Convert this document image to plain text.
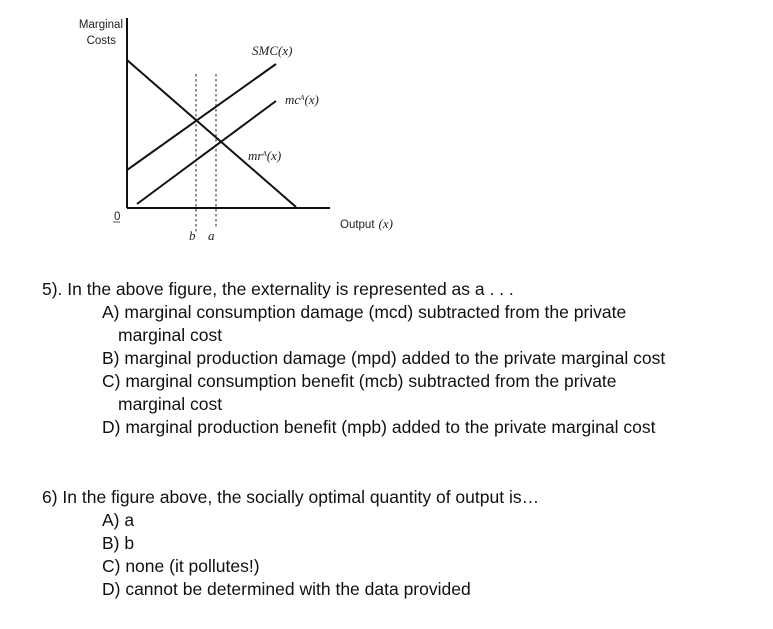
Marginal
Costs
0
SMC(x)
$mc^A(x)$
$mr^A(x)$
Output (x)
b a

5). In the above figure, the externality is represented as a . . .

A) marginal consumption damage (mcd) subtracted from the private

marginal cost

B) marginal production damage (mpd) added to the private marginal cost

C) marginal consumption benefit (mcb) subtracted from the private

marginal cost

D) marginal production benefit (mpb) added to the private marginal cost

6) In the figure above, the socially optimal quantity of output is…

A) a

B) b

C) none (it pollutes!)

D) cannot be determined with the data provided
